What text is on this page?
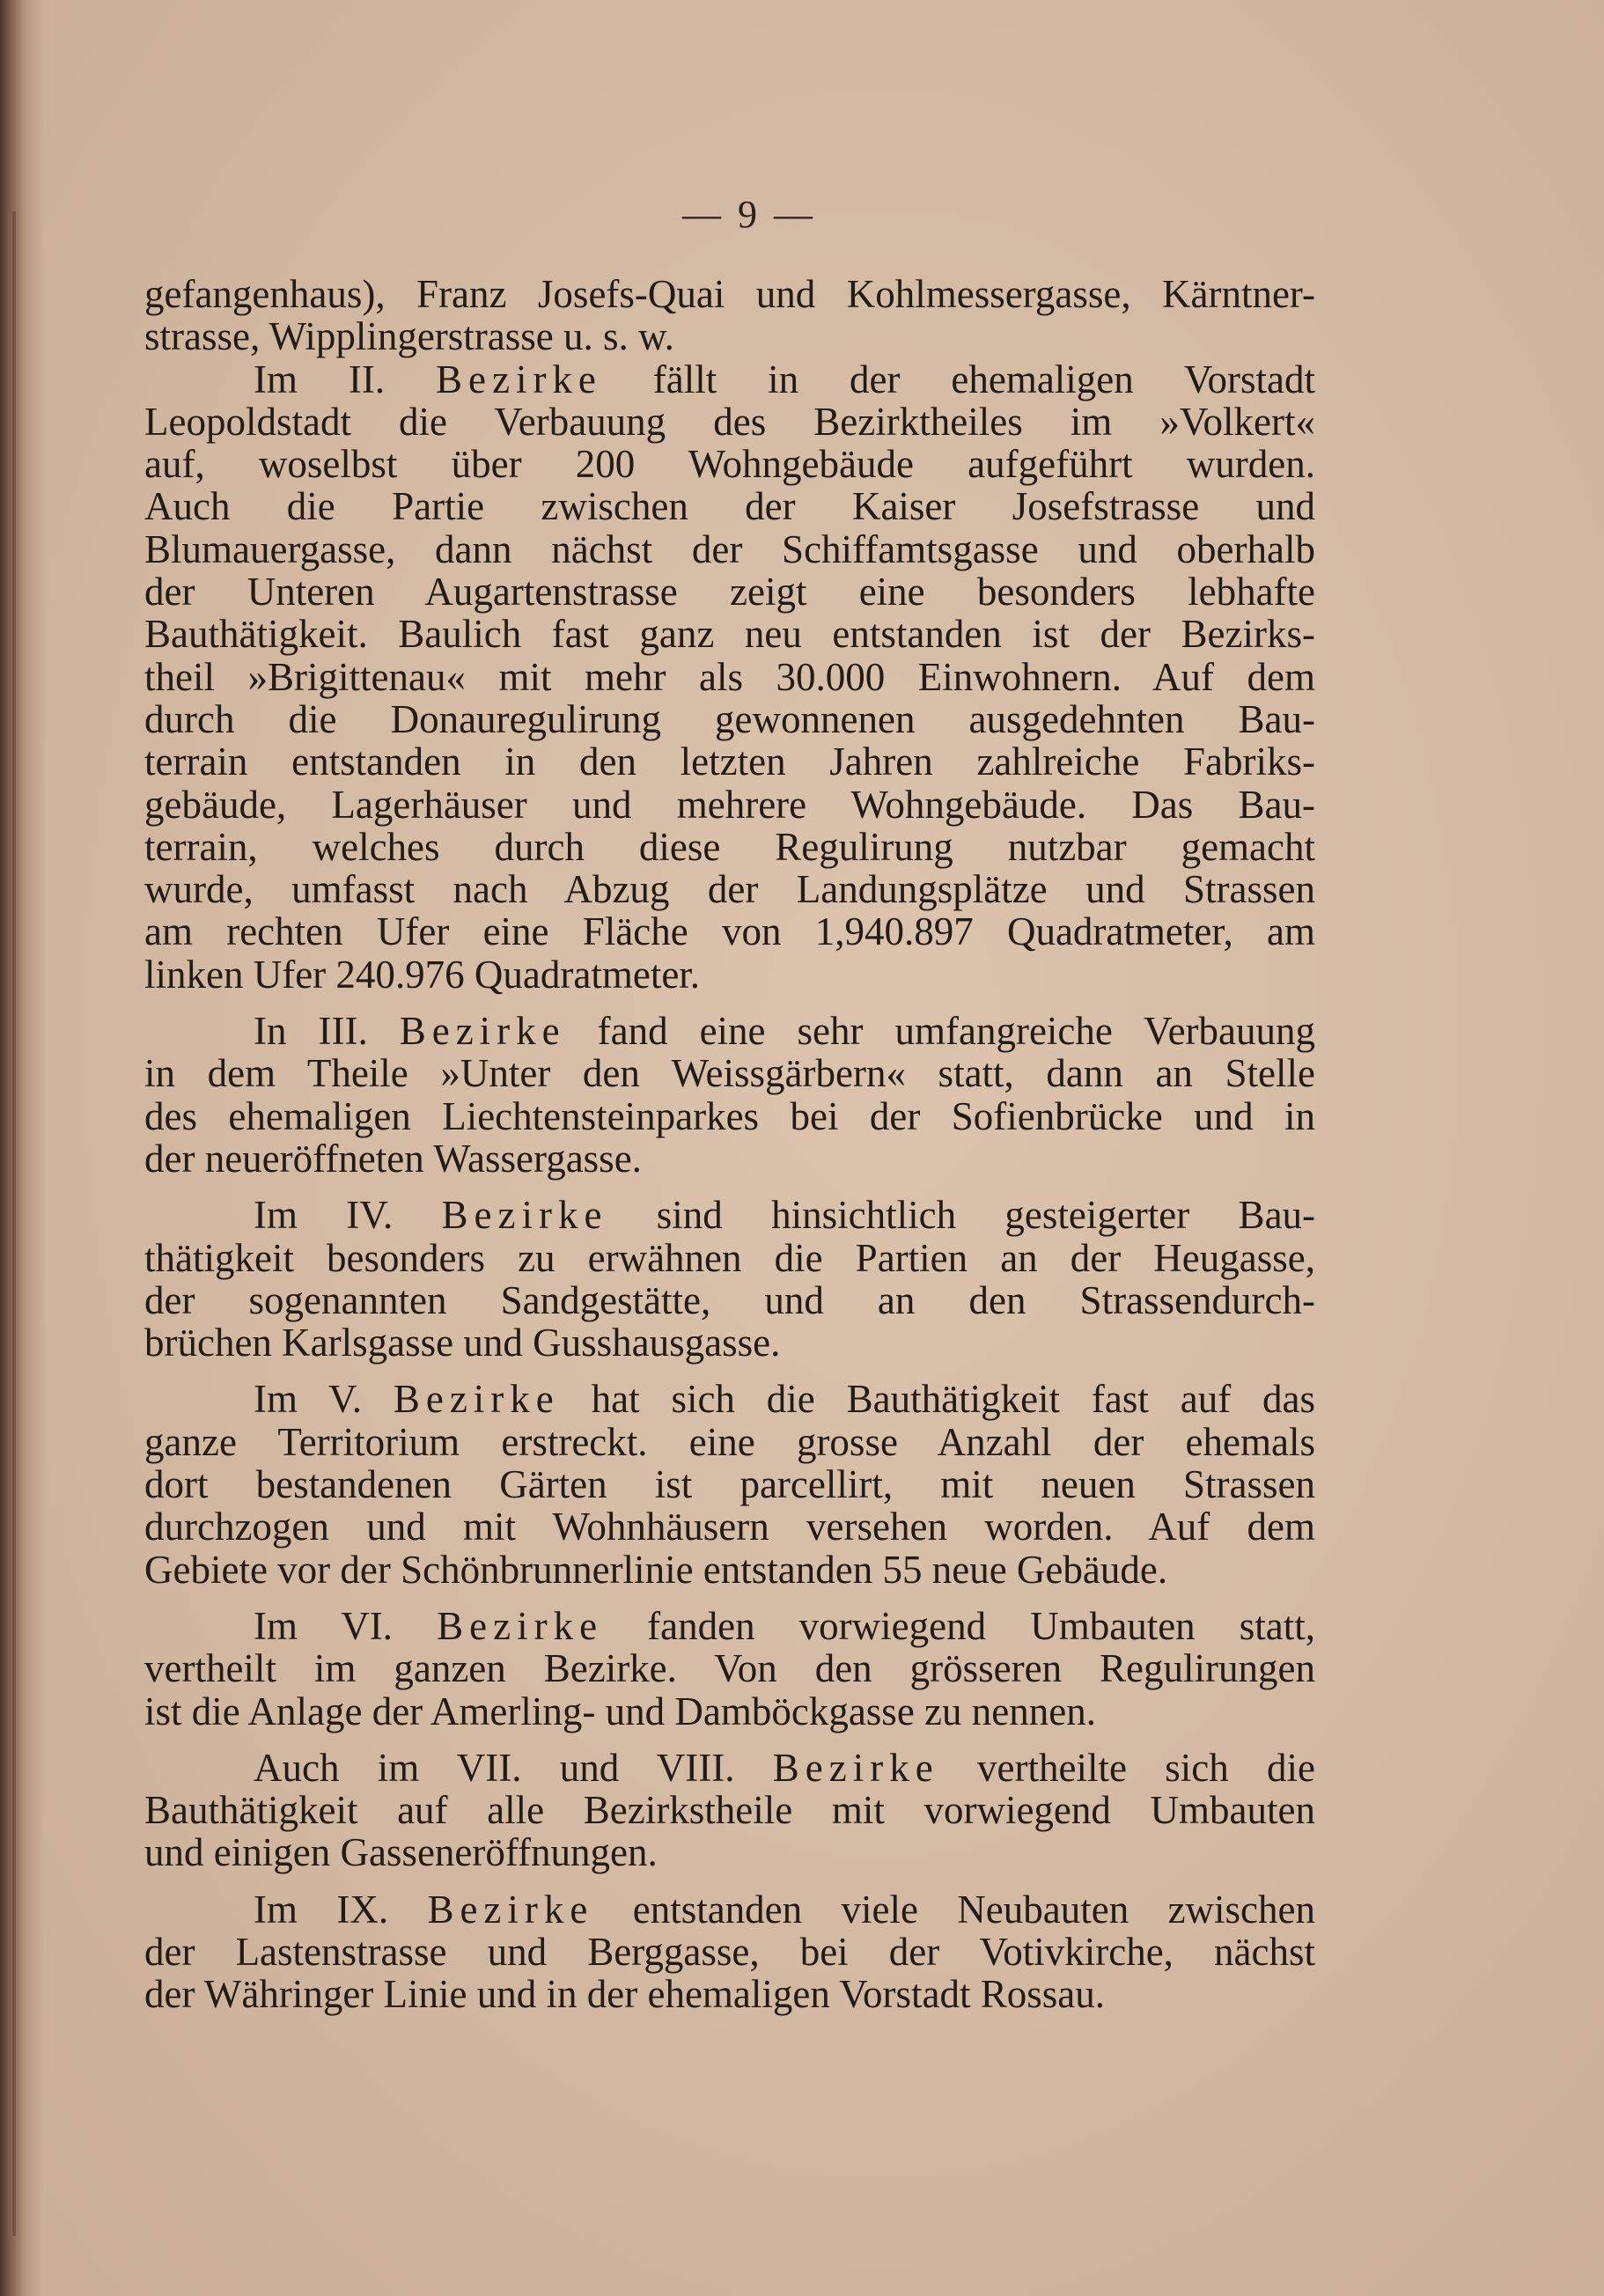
— 9 —

gefangenhaus), Franz Josefs-Quai und Kohlmessergasse, Kärntner-
strasse, Wipplingerstrasse u. s. w.

Im II. Bezirke fällt in der ehemaligen Vorstadt
Leopoldstadt die Verbauung des Bezirktheiles im »Volkert«
auf, woselbst über 200 Wohngebäude aufgeführt wurden.
Auch die Partie zwischen der Kaiser Josefstrasse und
Blumauergasse, dann nächst der Schiffamtsgasse und oberhalb
der Unteren Augartenstrasse zeigt eine besonders lebhafte
Bauthätigkeit. Baulich fast ganz neu entstanden ist der Bezirks-
theil »Brigittenau« mit mehr als 30.000 Einwohnern. Auf dem
durch die Donauregulirung gewonnenen ausgedehnten Bau-
terrain entstanden in den letzten Jahren zahlreiche Fabriks-
gebäude, Lagerhäuser und mehrere Wohngebäude. Das Bau-
terrain, welches durch diese Regulirung nutzbar gemacht
wurde, umfasst nach Abzug der Landungsplätze und Strassen
am rechten Ufer eine Fläche von 1,940.897 Quadratmeter, am
linken Ufer 240.976 Quadratmeter.

In III. Bezirke fand eine sehr umfangreiche Verbauung
in dem Theile »Unter den Weissgärbern« statt, dann an Stelle
des ehemaligen Liechtensteinparkes bei der Sofienbrücke und in
der neueröffneten Wassergasse.

Im IV. Bezirke sind hinsichtlich gesteigerter Bau-
thätigkeit besonders zu erwähnen die Partien an der Heugasse,
der sogenannten Sandgestätte, und an den Strassendurch-
brüchen Karlsgasse und Gusshausgasse.

Im V. Bezirke hat sich die Bauthätigkeit fast auf das
ganze Territorium erstreckt. eine grosse Anzahl der ehemals
dort bestandenen Gärten ist parcellirt, mit neuen Strassen
durchzogen und mit Wohnhäusern versehen worden. Auf dem
Gebiete vor der Schönbrunnerlinie entstanden 55 neue Gebäude.

Im VI. Bezirke fanden vorwiegend Umbauten statt,
vertheilt im ganzen Bezirke. Von den grösseren Regulirungen
ist die Anlage der Amerling- und Damböckgasse zu nennen.

Auch im VII. und VIII. Bezirke vertheilte sich die
Bauthätigkeit auf alle Bezirkstheile mit vorwiegend Umbauten
und einigen Gasseneröffnungen.

Im IX. Bezirke entstanden viele Neubauten zwischen
der Lastenstrasse und Berggasse, bei der Votivkirche, nächst
der Währinger Linie und in der ehemaligen Vorstadt Rossau.
